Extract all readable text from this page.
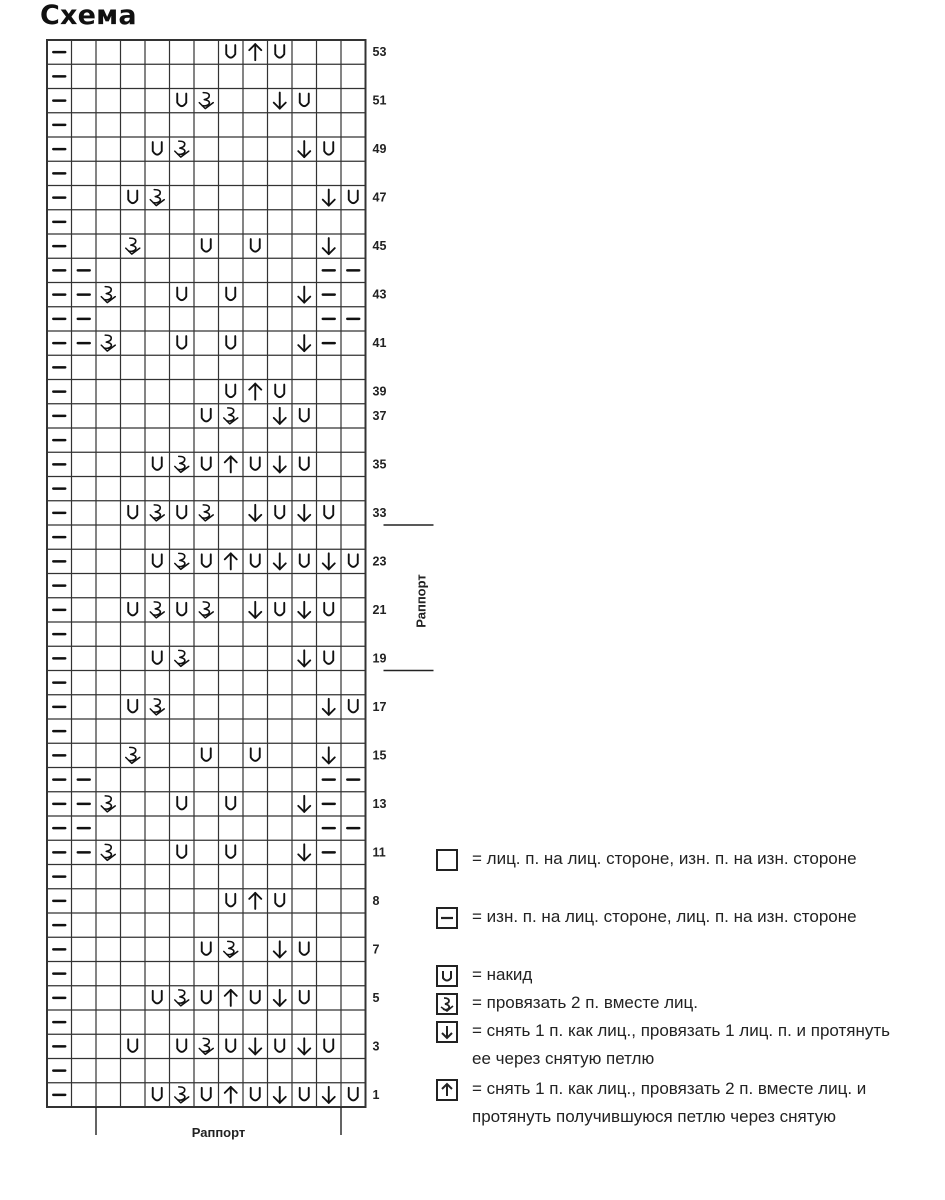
Схема
53
51
49
47
45
43
41
39
37
35
33
23
21
19
17
15
13
11
8
7
5
3
1
Раппорт
Раппорт
= лиц. п. на лиц. стороне, изн. п. на изн. стороне
= изн. п. на лиц. стороне, лиц. п. на изн. стороне
= накид
= провязать 2 п. вместе лиц.
= снять 1 п. как лиц., провязать 1 лиц. п. и протянуть ее через снятую петлю
= снять 1 п. как лиц., провязать 2 п. вместе лиц. и протянуть получившуюся петлю через снятую
